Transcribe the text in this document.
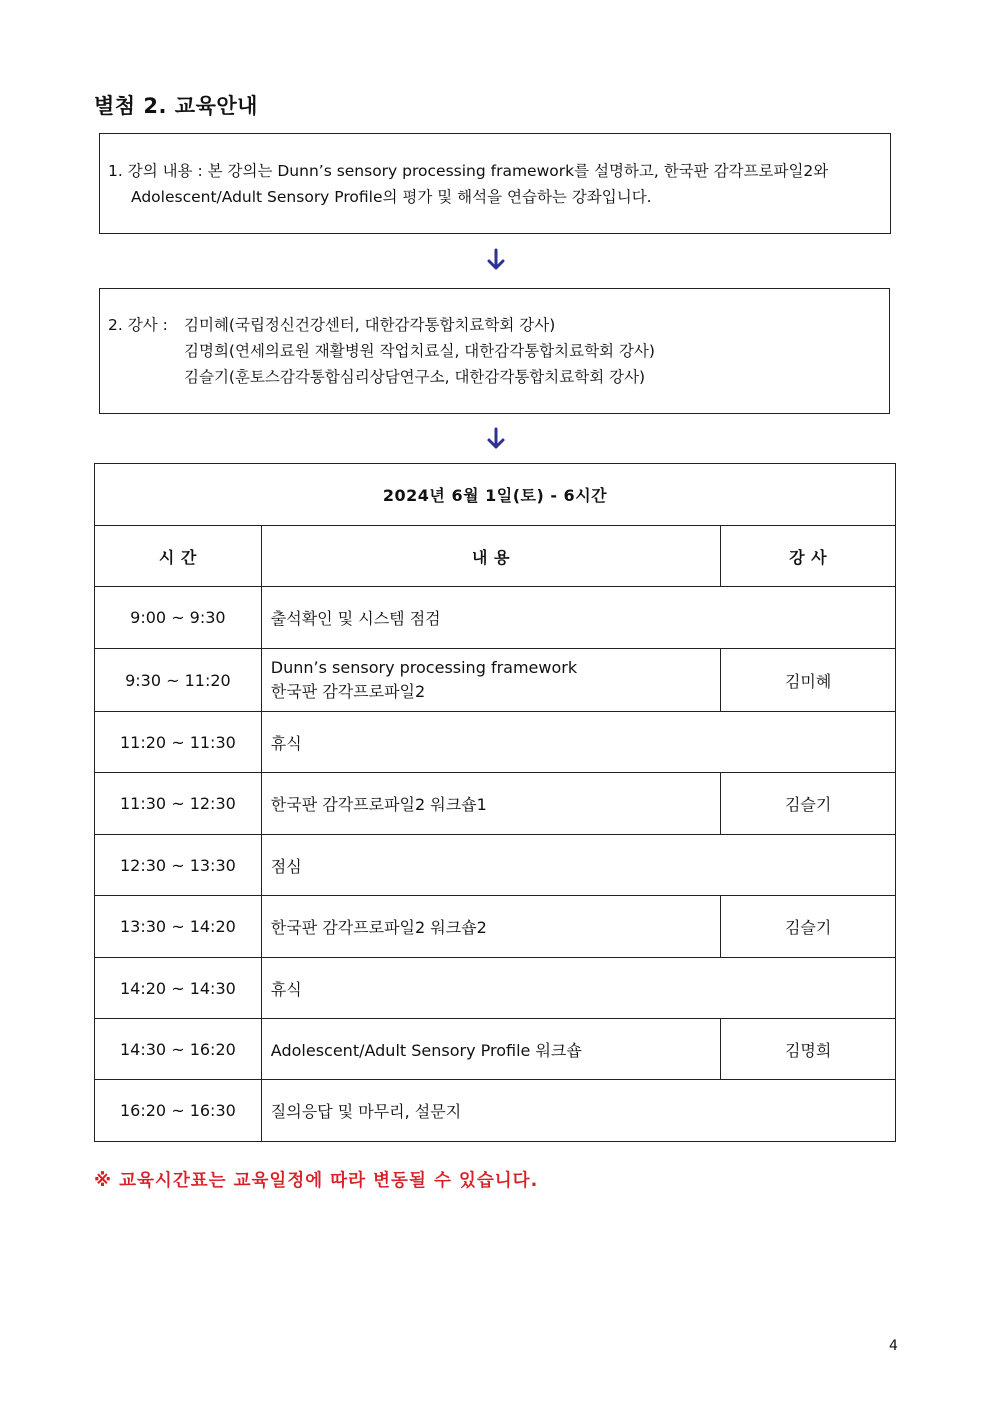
별첨 2. 교육안내
1. 강의 내용 : 본 강의는 Dunn’s sensory processing framework를 설명하고, 한국판 감각프로파일2와
Adolescent/Adult Sensory Profile의 평가 및 해석을 연습하는 강좌입니다.
2. 강사 :	김미혜(국립정신건강센터, 대한감각통합치료학회 강사)
김명희(연세의료원 재활병원 작업치료실, 대한감각통합치료학회 강사)
김슬기(훈토스감각통합심리상담연구소, 대한감각통합치료학회 강사)
2024년 6월 1일(토) - 6시간		
시 간	내 용	강 사
9:00 ~ 9:30	출석확인 및 시스템 점검	
9:30 ~ 11:20	Dunn’s sensory processing framework
한국판 감각프로파일2	김미혜
11:20 ~ 11:30	휴식	
11:30 ~ 12:30	한국판 감각프로파일2 워크숍1	김슬기
12:30 ~ 13:30	점심	
13:30 ~ 14:20	한국판 감각프로파일2 워크숍2	김슬기
14:20 ~ 14:30	휴식	
14:30 ~ 16:20	Adolescent/Adult Sensory Profile 워크숍	김명희
16:20 ~ 16:30	질의응답 및 마무리, 설문지	
※ 교육시간표는 교육일정에 따라 변동될 수 있습니다.
4
